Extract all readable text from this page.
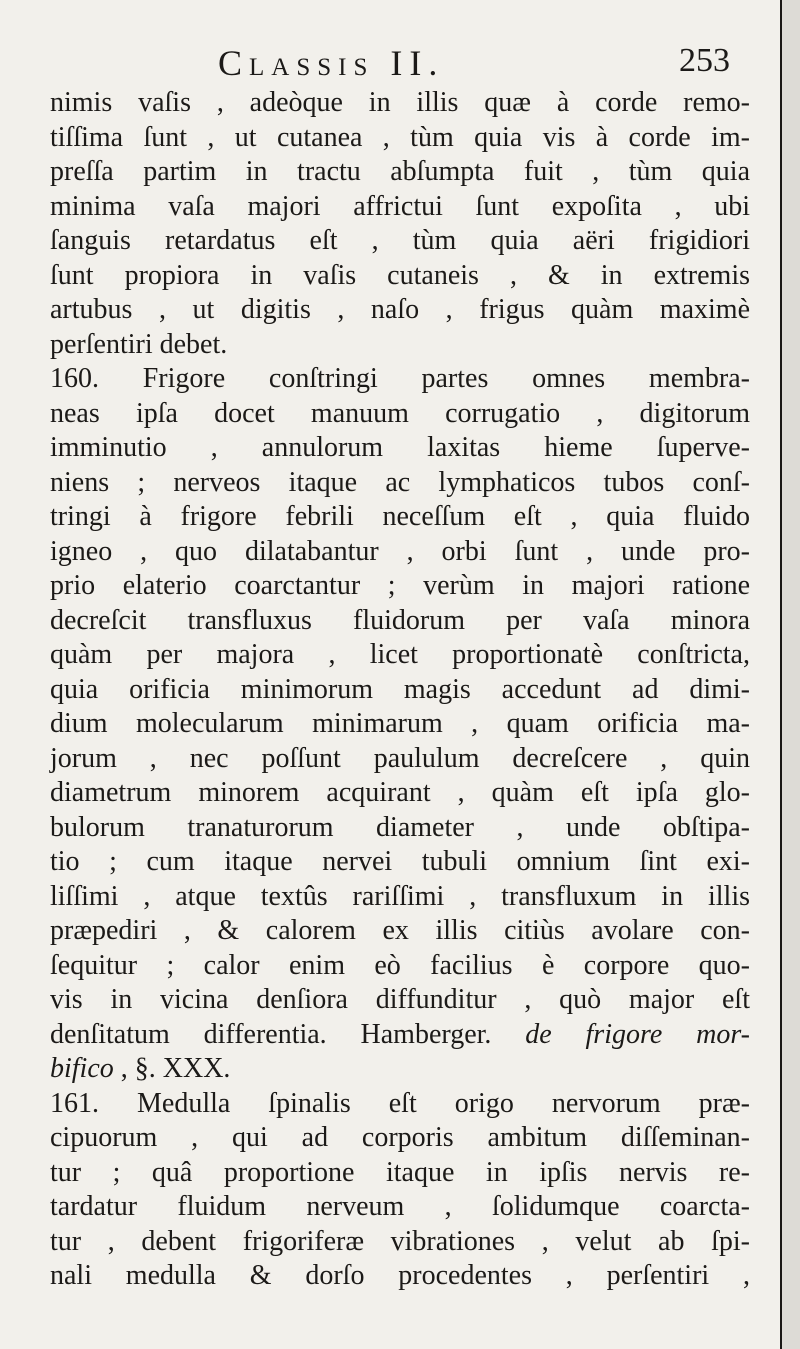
Classis II.	253
nimis vaſis , adeòque in illis quæ à corde remo-
tiſſima ſunt , ut cutanea , tùm quia vis à corde im-
preſſa partim in tractu abſumpta fuit , tùm quia
minima vaſa majori affrictui ſunt expoſita , ubi
ſanguis retardatus eſt , tùm quia aëri frigidiori
ſunt propiora in vaſis cutaneis , & in extremis
artubus , ut digitis , naſo , frigus quàm maximè
perſentiri debet.
160. Frigore conſtringi partes omnes membra-
neas ipſa docet manuum corrugatio , digitorum
imminutio , annulorum laxitas hieme ſuperve-
niens ; nerveos itaque ac lymphaticos tubos conſ-
tringi à frigore febrili neceſſum eſt , quia fluido
igneo , quo dilatabantur , orbi ſunt , unde pro-
prio elaterio coarctantur ; verùm in majori ratione
decreſcit transfluxus fluidorum per vaſa minora
quàm per majora , licet proportionatè conſtricta,
quia orificia minimorum magis accedunt ad dimi-
dium molecularum minimarum , quam orificia ma-
jorum , nec poſſunt paululum decreſcere , quin
diametrum minorem acquirant , quàm eſt ipſa glo-
bulorum tranaturorum diameter , unde obſtipa-
tio ; cum itaque nervei tubuli omnium ſint exi-
liſſimi , atque textûs rariſſimi , transfluxum in illis
præpediri , & calorem ex illis citiùs avolare con-
ſequitur ; calor enim eò facilius è corpore quo-
vis in vicina denſiora diffunditur , quò major eſt
denſitatum differentia. Hamberger. de frigore mor-
bifico , §. XXX.
161. Medulla ſpinalis eſt origo nervorum præ-
cipuorum , qui ad corporis ambitum diſſeminan-
tur ; quâ proportione itaque in ipſis nervis re-
tardatur fluidum nerveum , ſolidumque coarcta-
tur , debent frigoriferæ vibrationes , velut ab ſpi-
nali medulla & dorſo procedentes , perſentiri ,
